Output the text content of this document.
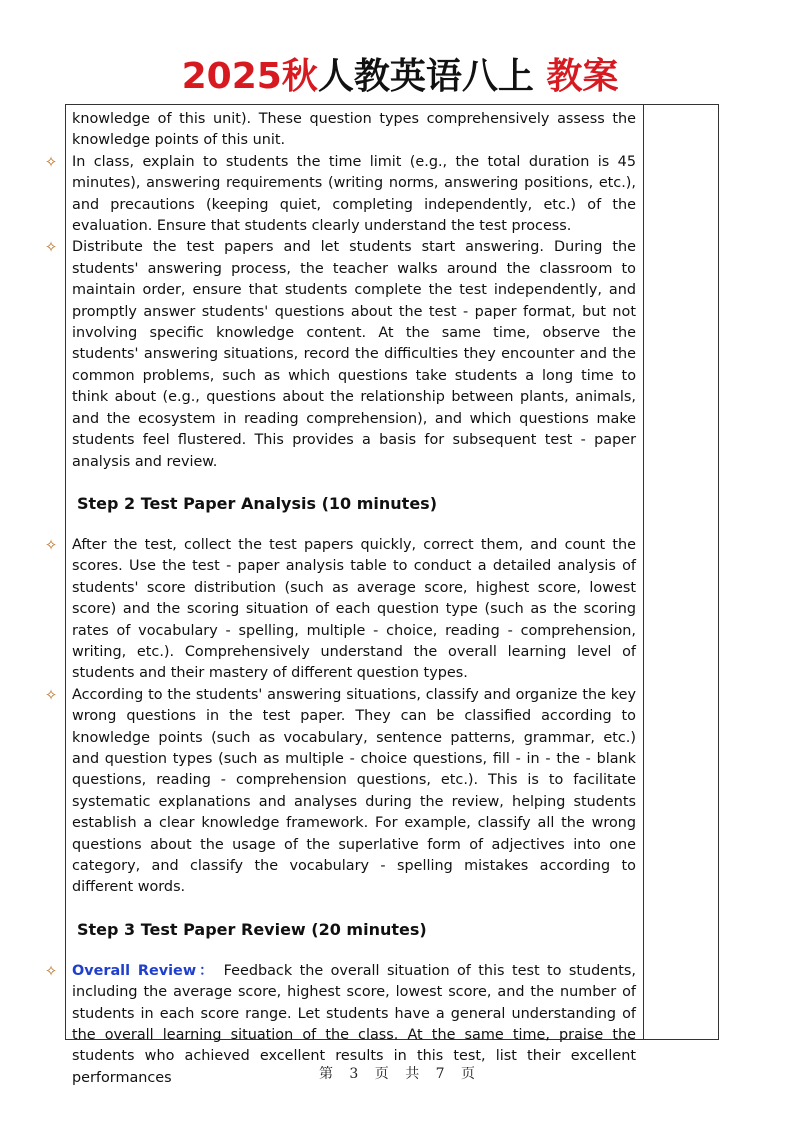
2025秋人教英语八上 教案

knowledge of this unit). These question types comprehensively assess the knowledge points of this unit.

✧ In class, explain to students the time limit (e.g., the total duration is 45 minutes), answering requirements (writing norms, answering positions, etc.), and precautions (keeping quiet, completing independently, etc.) of the evaluation. Ensure that students clearly understand the test process.
✧ Distribute the test papers and let students start answering. During the students' answering process, the teacher walks around the classroom to maintain order, ensure that students complete the test independently, and promptly answer students' questions about the test - paper format, but not involving specific knowledge content. At the same time, observe the students' answering situations, record the difficulties they encounter and the common problems, such as which questions take students a long time to think about (e.g., questions about the relationship between plants, animals, and the ecosystem in reading comprehension), and which questions make students feel flustered. This provides a basis for subsequent test - paper analysis and review.
Step 2 Test Paper Analysis (10 minutes)
✧ After the test, collect the test papers quickly, correct them, and count the scores. Use the test - paper analysis table to conduct a detailed analysis of students' score distribution (such as average score, highest score, lowest score) and the scoring situation of each question type (such as the scoring rates of vocabulary - spelling, multiple - choice, reading - comprehension, writing, etc.). Comprehensively understand the overall learning level of students and their mastery of different question types.
✧ According to the students' answering situations, classify and organize the key wrong questions in the test paper. They can be classified according to knowledge points (such as vocabulary, sentence patterns, grammar, etc.) and question types (such as multiple - choice questions, fill - in - the - blank questions, reading - comprehension questions, etc.). This is to facilitate systematic explanations and analyses during the review, helping students establish a clear knowledge framework. For example, classify all the wrong questions about the usage of the superlative form of adjectives into one category, and classify the vocabulary - spelling mistakes according to different words.
Step 3 Test Paper Review (20 minutes)
✧ Overall Review： Feedback the overall situation of this test to students, including the average score, highest score, lowest score, and the number of students in each score range. Let students have a general understanding of the overall learning situation of the class. At the same time, praise the students who achieved excellent results in this test, list their excellent performances	第 3 页 共 7 页
